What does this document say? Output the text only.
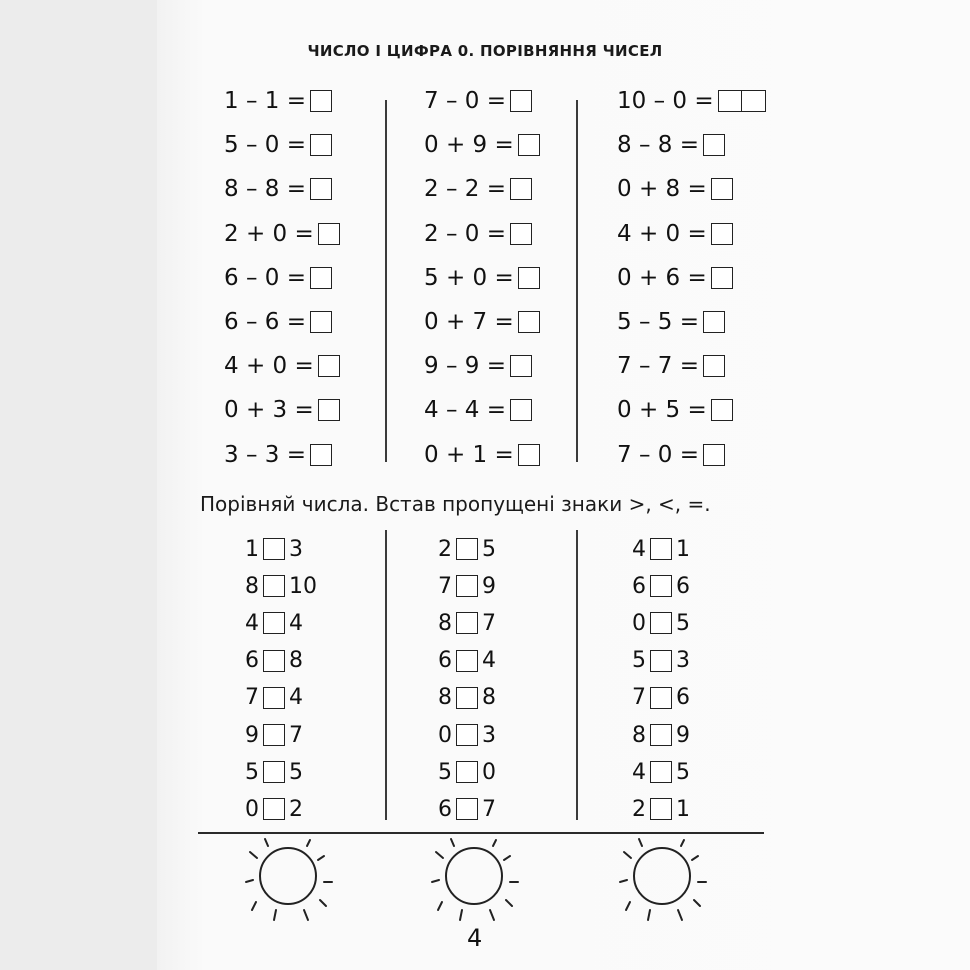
ЧИСЛО І ЦИФРА 0. ПОРІВНЯННЯ ЧИСЕЛ
1 – 1 =
5 – 0 =
8 – 8 =
2 + 0 =
6 – 0 =
6 – 6 =
4 + 0 =
0 + 3 =
3 – 3 =
7 – 0 =
0 + 9 =
2 – 2 =
2 – 0 =
5 + 0 =
0 + 7 =
9 – 9 =
4 – 4 =
0 + 1 =
10 – 0 =
8 – 8 =
0 + 8 =
4 + 0 =
0 + 6 =
5 – 5 =
7 – 7 =
0 + 5 =
7 – 0 =
Порівняй числа. Встав пропущені знаки >, <, =.
1 3
8 10
4 4
6 8
7 4
9 7
5 5
0 2
2 5
7 9
8 7
6 4
8 8
0 3
5 0
6 7
4 1
6 6
0 5
5 3
7 6
8 9
4 5
2 1
4
